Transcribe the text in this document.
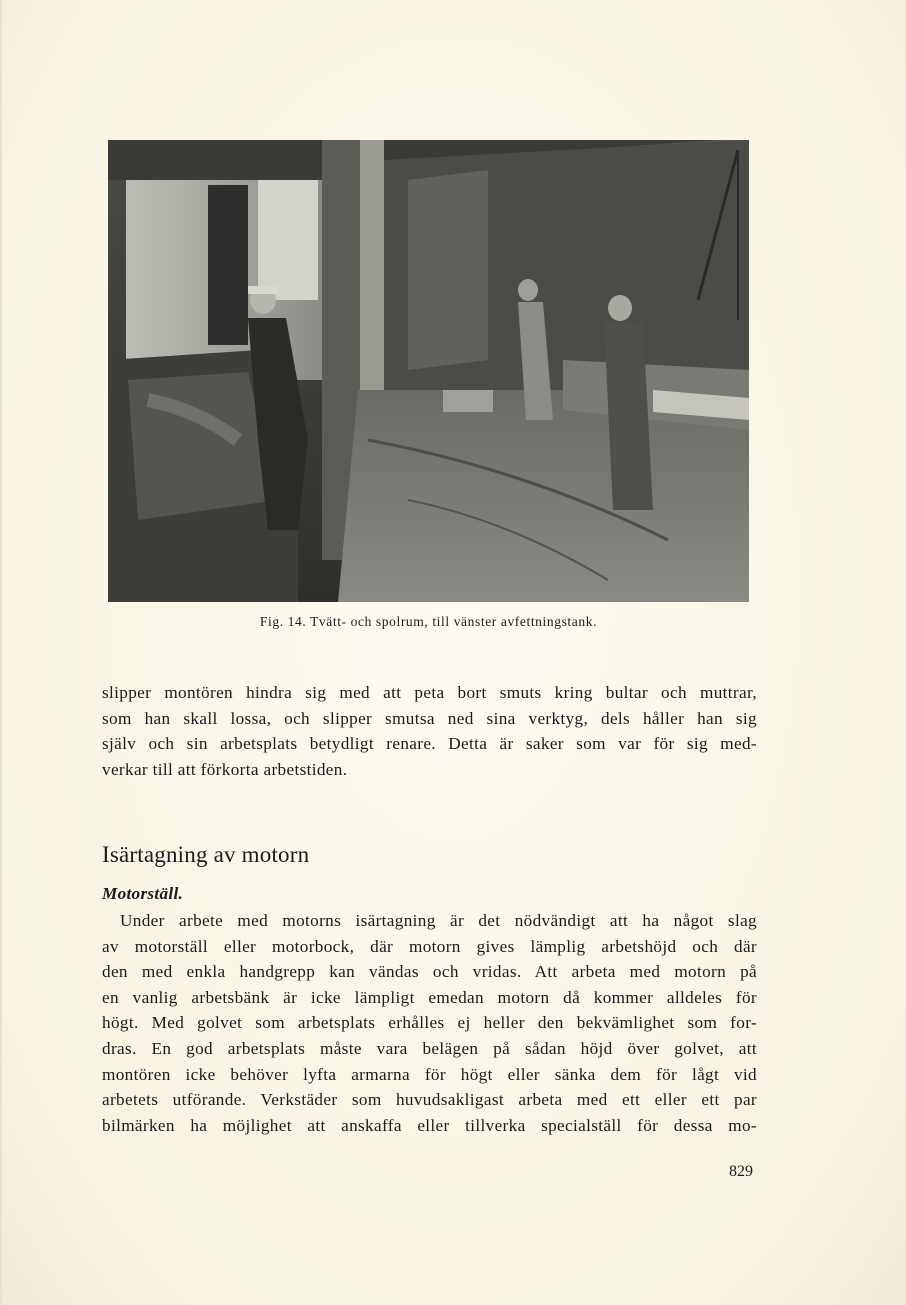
Fig. 14. Tvätt- och spolrum, till vänster avfettningstank.

slipper montören hindra sig med att peta bort smuts kring bultar och muttrar,
som han skall lossa, och slipper smutsa ned sina verktyg, dels håller han sig
själv och sin arbetsplats betydligt renare. Detta är saker som var för sig med-
verkar till att förkorta arbetstiden.

Isärtagning av motorn
Motorställ.

Under arbete med motorns isärtagning är det nödvändigt att ha något slag
av motorställ eller motorbock, där motorn gives lämplig arbetshöjd och där
den med enkla handgrepp kan vändas och vridas. Att arbeta med motorn på
en vanlig arbetsbänk är icke lämpligt emedan motorn då kommer alldeles för
högt. Med golvet som arbetsplats erhålles ej heller den bekvämlighet som for-
dras. En god arbetsplats måste vara belägen på sådan höjd över golvet, att
montören icke behöver lyfta armarna för högt eller sänka dem för lågt vid
arbetets utförande. Verkstäder som huvudsakligast arbeta med ett eller ett par
bilmärken ha möjlighet att anskaffa eller tillverka specialställ för dessa mo-

829
